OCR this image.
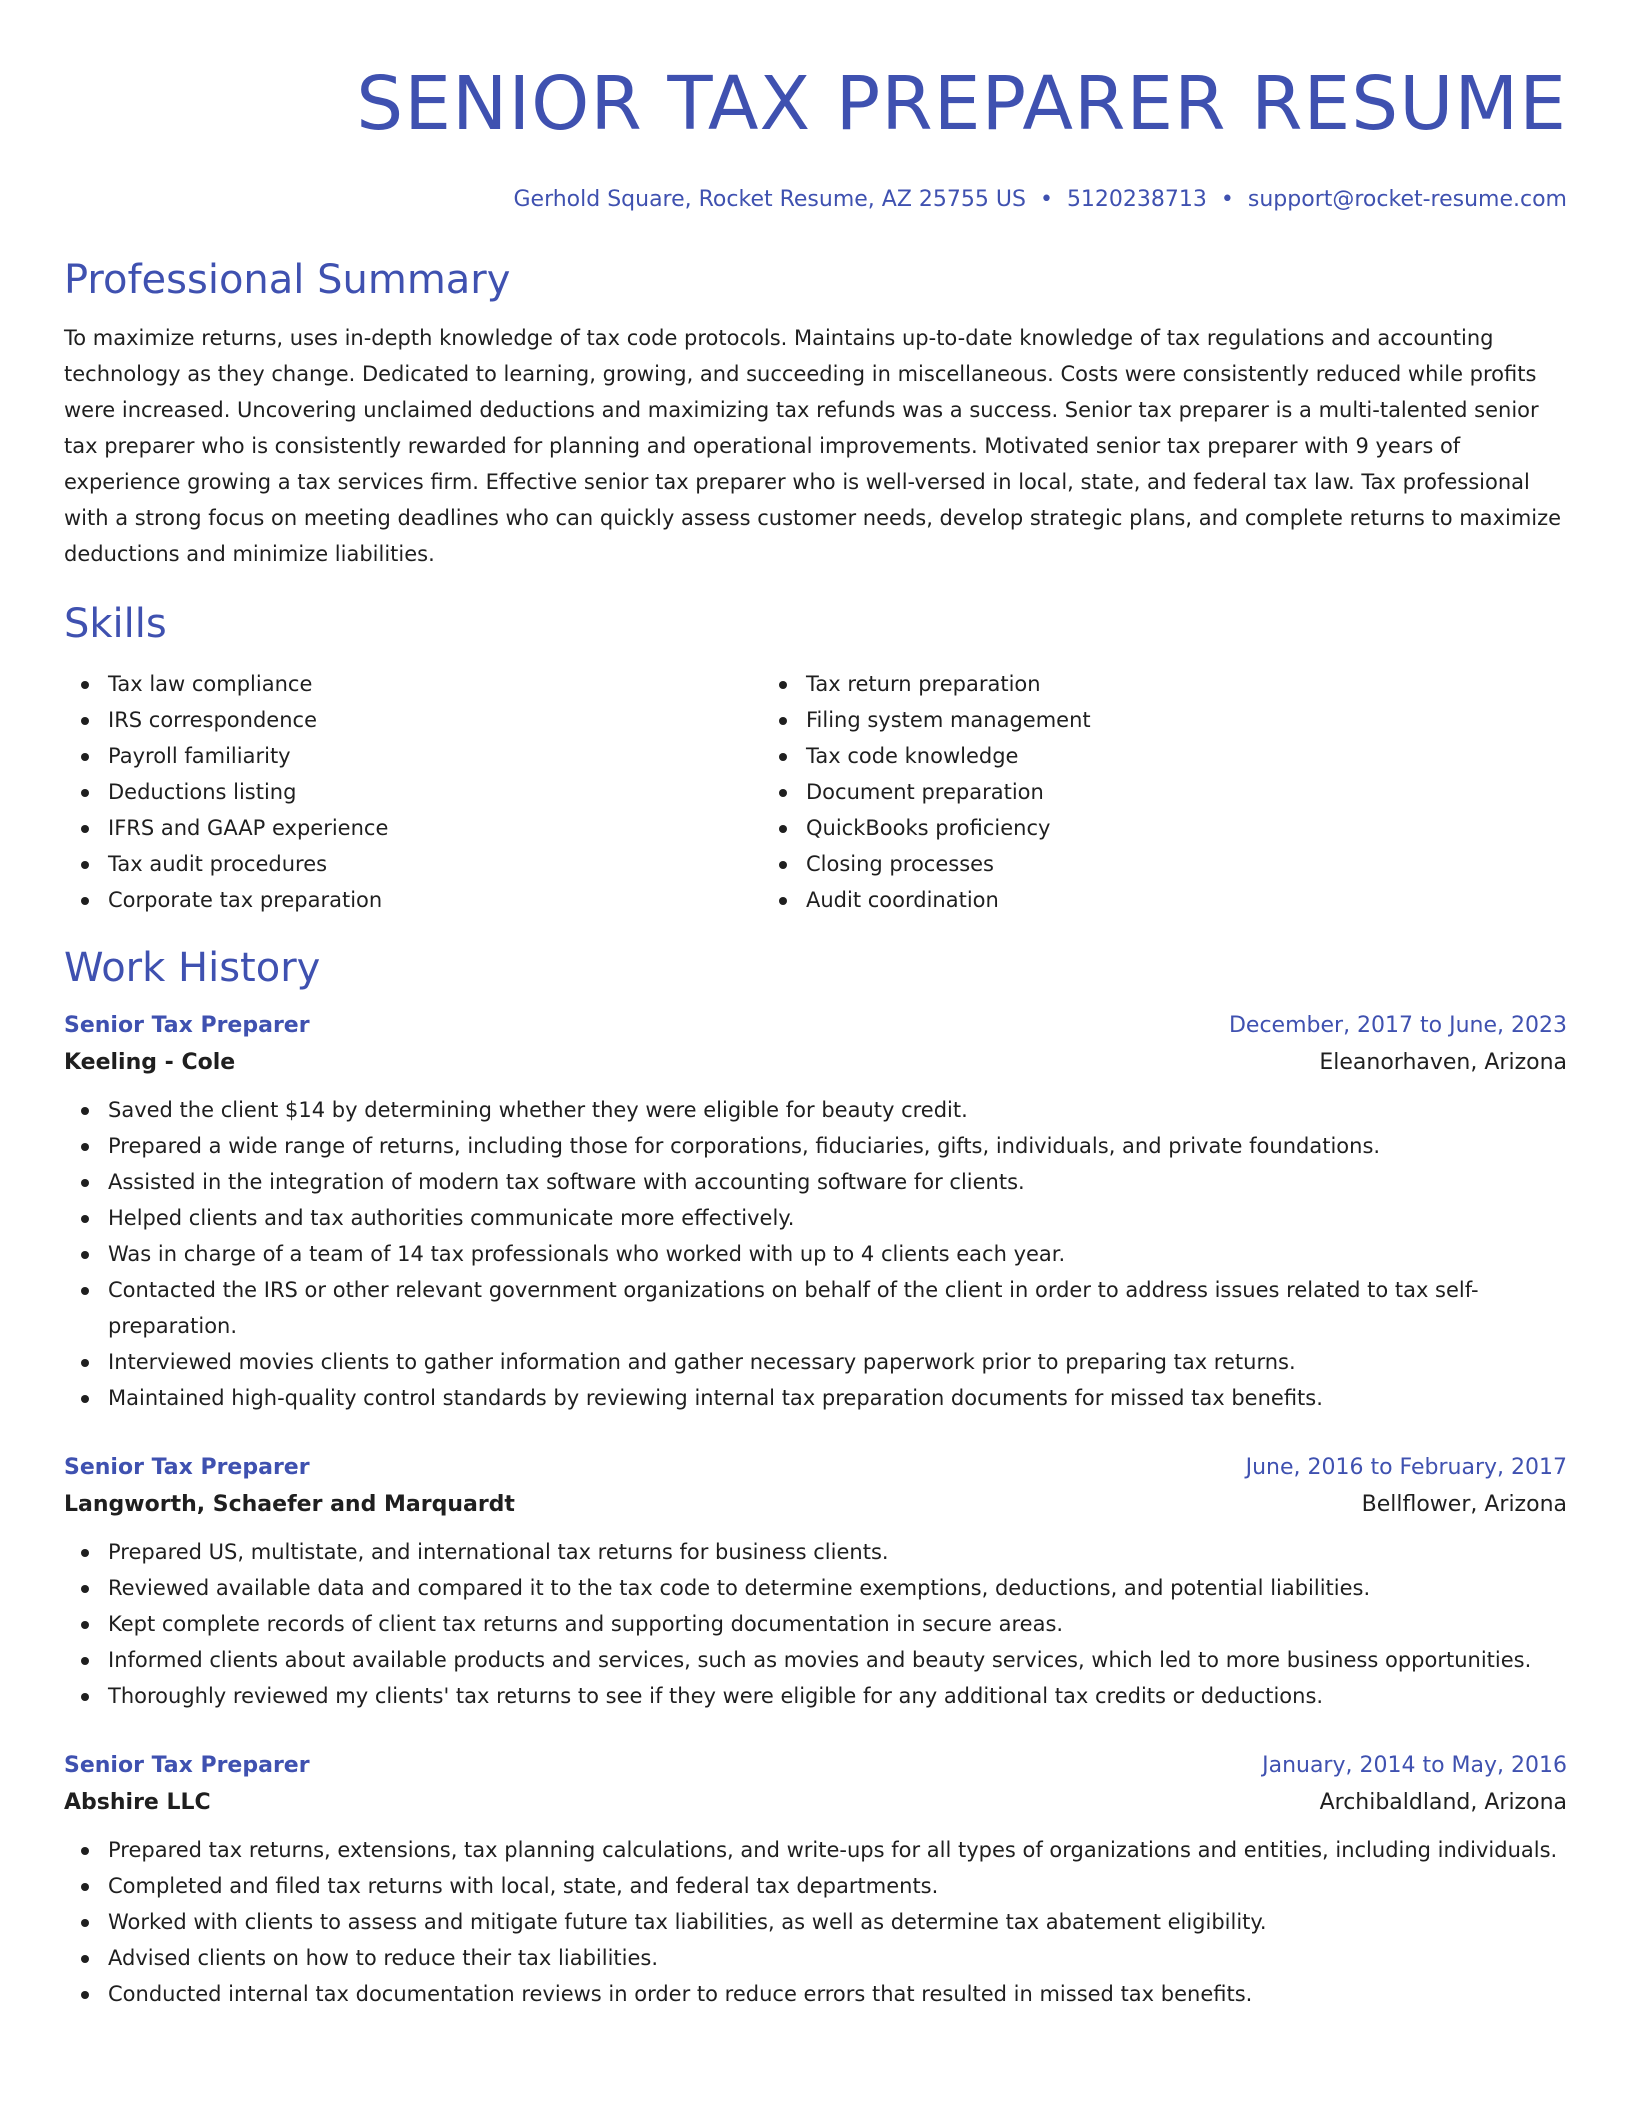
SENIOR TAX PREPARER RESUME
Gerhold Square, Rocket Resume, AZ 25755 US • 5120238713 • support@rocket-resume.com
Professional Summary

To maximize returns, uses in-depth knowledge of tax code protocols. Maintains up-to-date knowledge of tax regulations and accounting technology as they change. Dedicated to learning, growing, and succeeding in miscellaneous. Costs were consistently reduced while profits were increased. Uncovering unclaimed deductions and maximizing tax refunds was a success. Senior tax preparer is a multi-talented senior tax preparer who is consistently rewarded for planning and operational improvements. Motivated senior tax preparer with 9 years of experience growing a tax services firm. Effective senior tax preparer who is well-versed in local, state, and federal tax law. Tax professional with a strong focus on meeting deadlines who can quickly assess customer needs, develop strategic plans, and complete returns to maximize deductions and minimize liabilities.

Skills
Tax law compliance
IRS correspondence
Payroll familiarity
Deductions listing
IFRS and GAAP experience
Tax audit procedures
Corporate tax preparation
Tax return preparation
Filing system management
Tax code knowledge
Document preparation
QuickBooks proficiency
Closing processes
Audit coordination
Work History
Senior Tax Preparer	December, 2017 to June, 2023
Keeling - Cole	Eleanorhaven, Arizona
Saved the client $14 by determining whether they were eligible for beauty credit.
Prepared a wide range of returns, including those for corporations, fiduciaries, gifts, individuals, and private foundations.
Assisted in the integration of modern tax software with accounting software for clients.
Helped clients and tax authorities communicate more effectively.
Was in charge of a team of 14 tax professionals who worked with up to 4 clients each year.
Contacted the IRS or other relevant government organizations on behalf of the client in order to address issues related to tax self-preparation.
Interviewed movies clients to gather information and gather necessary paperwork prior to preparing tax returns.
Maintained high-quality control standards by reviewing internal tax preparation documents for missed tax benefits.
Senior Tax Preparer	June, 2016 to February, 2017
Langworth, Schaefer and Marquardt	Bellflower, Arizona
Prepared US, multistate, and international tax returns for business clients.
Reviewed available data and compared it to the tax code to determine exemptions, deductions, and potential liabilities.
Kept complete records of client tax returns and supporting documentation in secure areas.
Informed clients about available products and services, such as movies and beauty services, which led to more business opportunities.
Thoroughly reviewed my clients' tax returns to see if they were eligible for any additional tax credits or deductions.
Senior Tax Preparer	January, 2014 to May, 2016
Abshire LLC	Archibaldland, Arizona
Prepared tax returns, extensions, tax planning calculations, and write-ups for all types of organizations and entities, including individuals.
Completed and filed tax returns with local, state, and federal tax departments.
Worked with clients to assess and mitigate future tax liabilities, as well as determine tax abatement eligibility.
Advised clients on how to reduce their tax liabilities.
Conducted internal tax documentation reviews in order to reduce errors that resulted in missed tax benefits.
